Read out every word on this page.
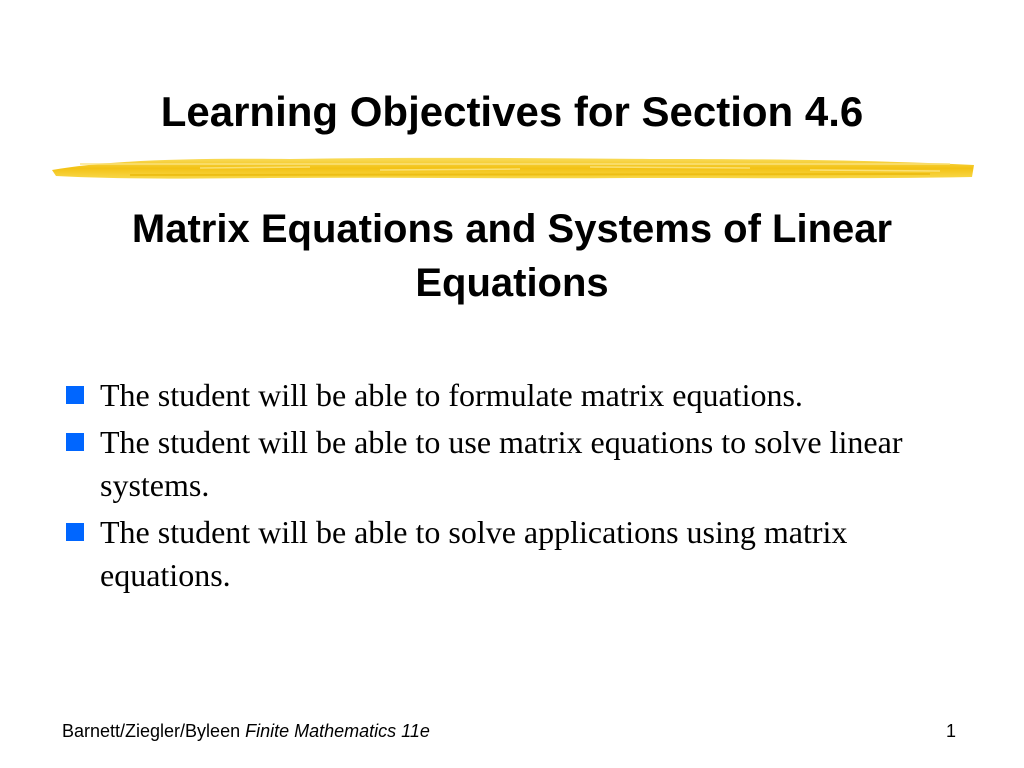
Learning Objectives for Section 4.6
Matrix Equations and Systems of Linear Equations
The student will be able to formulate matrix equations.
The student will be able to use matrix equations to solve linear systems.
The student will be able to solve applications using matrix equations.
Barnett/Ziegler/Byleen Finite Mathematics 11e	1
